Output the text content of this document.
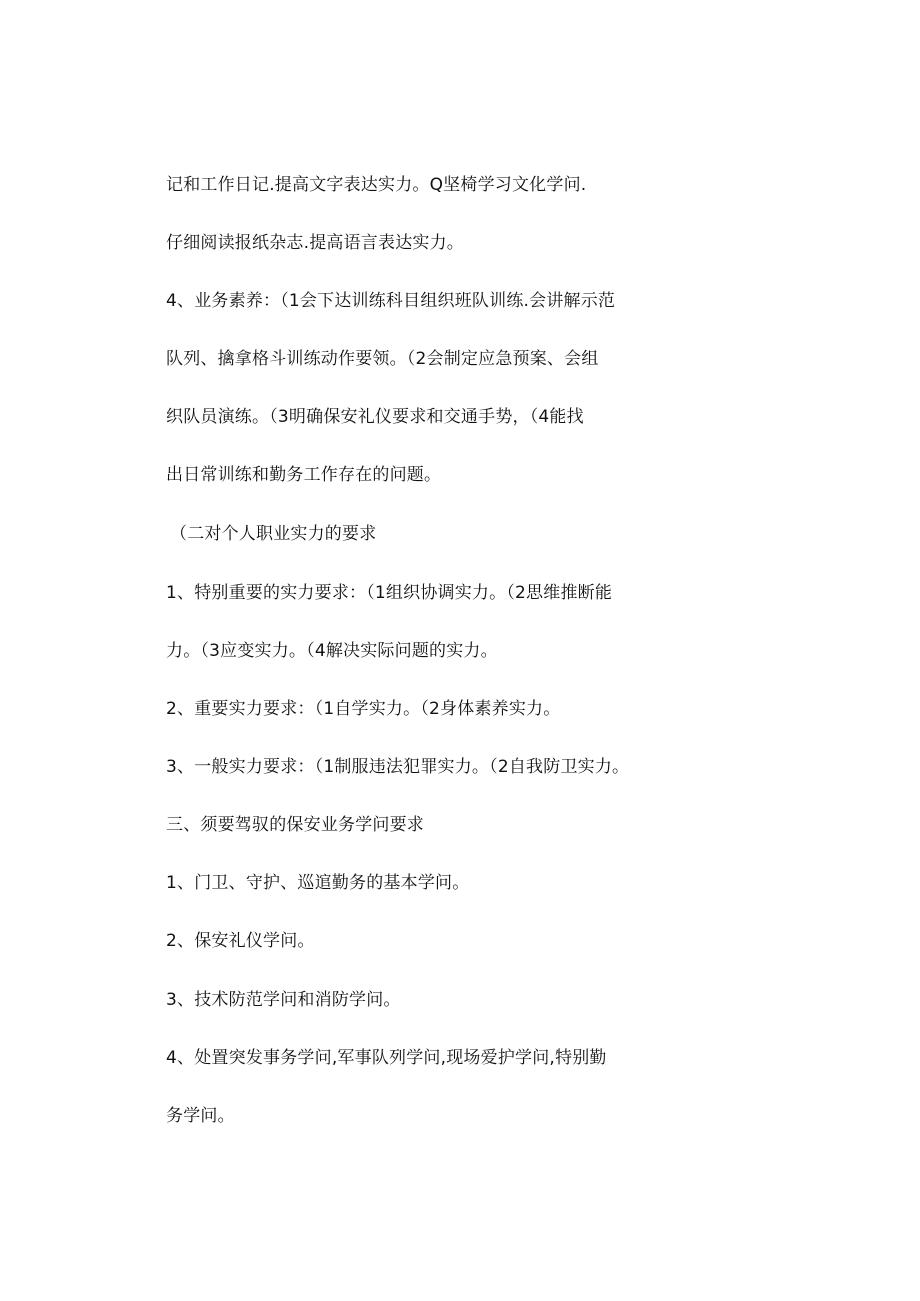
记和工作日记.提高文字表达实力。Q坚椅学习文化学问.
仔细阅读报纸杂志.提高语言表达实力。
4、业务素养：（1会下达训练科目组织班队训练.会讲解示范
队列、擒拿格斗训练动作要领。（2会制定应急预案、会组
织队员演练。（3明确保安礼仪要求和交通手势，（4能找
出日常训练和勤务工作存在的问题。
（二对个人职业实力的要求
1、特别重要的实力要求：（1组织协调实力。（2思维推断能
力。（3应变实力。（4解决实际问题的实力。
2、重要实力要求：（1自学实力。（2身体素养实力。
3、一般实力要求：（1制服违法犯罪实力。（2自我防卫实力。
三、须要驾驭的保安业务学问要求
1、门卫、守护、巡逭勤务的基本学问。
2、保安礼仪学问。
3、技术防范学问和消防学问。
4、处置突发事务学问,军事队列学问,现场爱护学问,特别勤
务学问。
